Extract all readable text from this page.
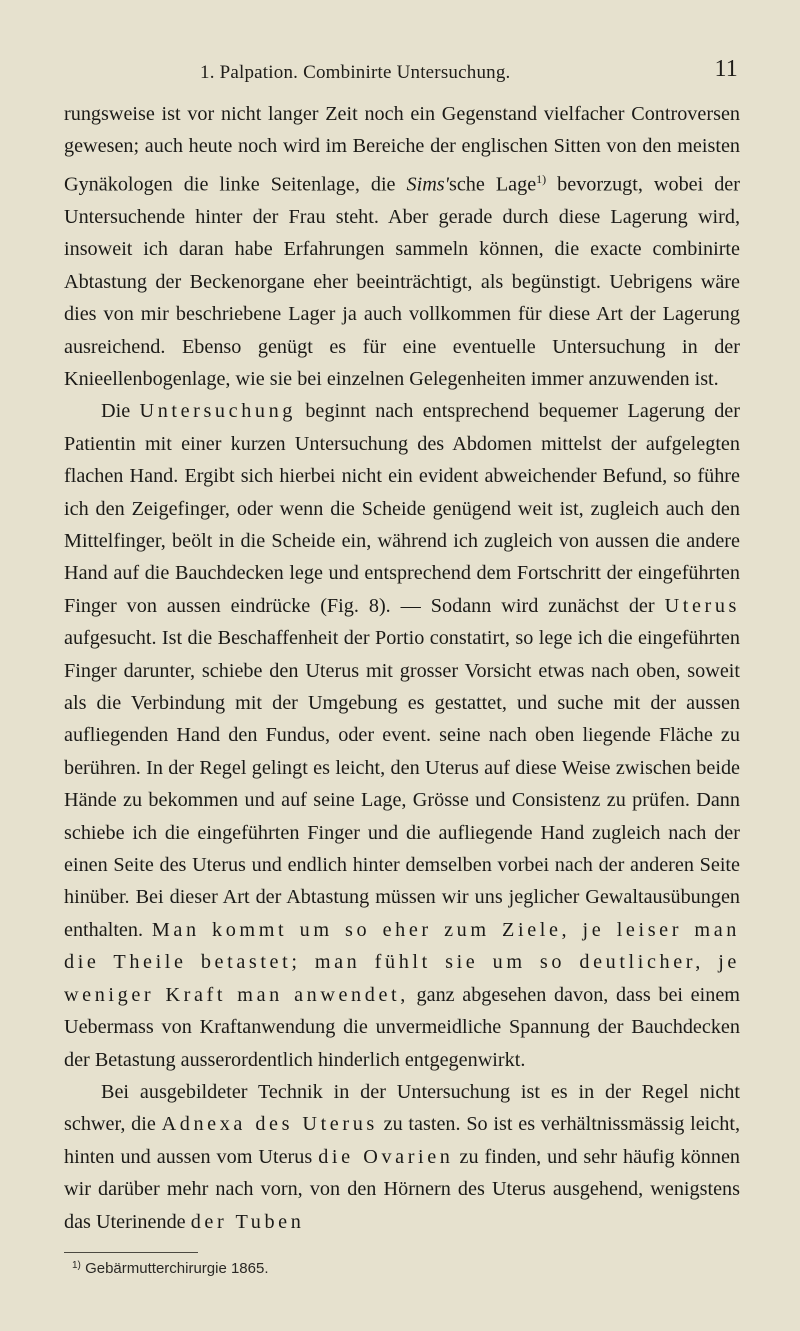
1. Palpation. Combinirte Untersuchung.	11

rungsweise ist vor nicht langer Zeit noch ein Gegenstand vielfacher Controversen gewesen; auch heute noch wird im Bereiche der englischen Sitten von den meisten Gynäkologen die linke Seitenlage, die Sims'sche Lage$^{1)}$ bevorzugt, wobei der Untersuchende hinter der Frau steht. Aber gerade durch diese Lagerung wird, insoweit ich daran habe Erfahrungen sammeln können, die exacte combinirte Abtastung der Beckenorgane eher beeinträchtigt, als begünstigt. Uebrigens wäre dies von mir beschriebene Lager ja auch vollkommen für diese Art der Lagerung ausreichend. Ebenso genügt es für eine eventuelle Untersuchung in der Knieellenbogenlage, wie sie bei einzelnen Gelegenheiten immer anzuwenden ist.

Die Untersuchung beginnt nach entsprechend bequemer Lagerung der Patientin mit einer kurzen Untersuchung des Abdomen mittelst der aufgelegten flachen Hand. Ergibt sich hierbei nicht ein evident abweichender Befund, so führe ich den Zeigefinger, oder wenn die Scheide genügend weit ist, zugleich auch den Mittelfinger, beölt in die Scheide ein, während ich zugleich von aussen die andere Hand auf die Bauchdecken lege und entsprechend dem Fortschritt der eingeführten Finger von aussen eindrücke (Fig. 8). — Sodann wird zunächst der Uterus aufgesucht. Ist die Beschaffenheit der Portio constatirt, so lege ich die eingeführten Finger darunter, schiebe den Uterus mit grosser Vorsicht etwas nach oben, soweit als die Verbindung mit der Umgebung es gestattet, und suche mit der aussen aufliegenden Hand den Fundus, oder event. seine nach oben liegende Fläche zu berühren. In der Regel gelingt es leicht, den Uterus auf diese Weise zwischen beide Hände zu bekommen und auf seine Lage, Grösse und Consistenz zu prüfen. Dann schiebe ich die eingeführten Finger und die aufliegende Hand zugleich nach der einen Seite des Uterus und endlich hinter demselben vorbei nach der anderen Seite hinüber. Bei dieser Art der Abtastung müssen wir uns jeglicher Gewaltausübungen enthalten. Man kommt um so eher zum Ziele, je leiser man die Theile betastet; man fühlt sie um so deutlicher, je weniger Kraft man anwendet, ganz abgesehen davon, dass bei einem Uebermass von Kraftanwendung die unvermeidliche Spannung der Bauchdecken der Betastung ausserordentlich hinderlich entgegenwirkt.

Bei ausgebildeter Technik in der Untersuchung ist es in der Regel nicht schwer, die Adnexa des Uterus zu tasten. So ist es verhältnissmässig leicht, hinten und aussen vom Uterus die Ovarien zu finden, und sehr häufig können wir darüber mehr nach vorn, von den Hörnern des Uterus ausgehend, wenigstens das Uterinende der Tuben

$^{1)}$ Gebärmutterchirurgie 1865.
